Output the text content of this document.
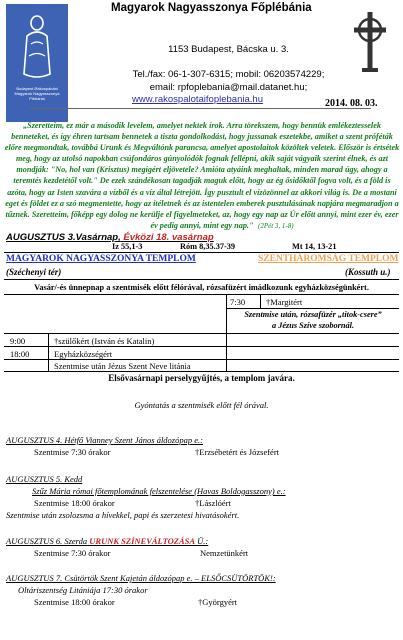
Budapest-Rákospalotai Magyarok Nagyasszonya Plébánia
Magyarok Nagyasszonya Főplébánia
1153 Budapest, Bácska u. 3.
Tel./fax: 06-1-307-6315; mobil: 06203574229;
email: rpfoplebania@mail.datanet.hu;
www.rakospalotaifoplebania.hu	2014. 08. 03.
„Szeretteim, ez már a második levelem, amelyet nektek írok. Arra törekszem, hogy bennük emlékeztesselek benneteket, és így éhren tartsam bennetek a tiszta gondolkodást, hogy jussanak eszetekbe, amiket a szent próféták előre megmondtak, továbbá Urunk és Megváltónk parancsa, amelyet apostolaitok közöltek veletek. Először is értsétek meg, hogy az utolsó napokban csúfondáros gúnyolódók fognak fellépni, akik saját vágyaik szerint élnek, és azt mondják: "No, hol van (Krisztus) megígért eljövetele? Amióta atyáink meghaltak, minden marad úgy, ahogy a teremtés kezdetétől volt." De ezek szándékosan tagadják maguk előtt, hogy az ég ősidőktől fogva volt, és a föld is azóta, hogy az Isten szavára a vízből és a víz által létrejött. Így pusztult el vízözönnel az akkori világ is. De a mostani eget és földet ez a szó megmentette, hogy az ítéletnek és az istentelen emberek pusztulásának napjára megmaradjon a tűznek. Szeretteim, főképp egy dolog ne kerülje el figyelmeteket, az, hogy egy nap az Úr előtt annyi, mint ezer év, ezer év pedig annyi, mint egy nap." (2Pét 3, 1-8)
AUGUSZTUS 3.Vasárnap, Évközi 18. vasárnap
Iz 55,1-3	Róm 8,35.37-39	Mt 14, 13-21
MAGYAROK NAGYASSZONYA TEMPLOM	SZENTHÁROMSÁG TEMPLOM
(Széchenyi tér)	(Kossuth u.)
Vasár/-és ünnepnap a szentmisék előtt félórával, rózsafüzért imádkozunk egyházközségünkért.
7:30 †Margitért
Szentmise után, rózsafüzér „titok-csere”
a Jézus Szíve szobornál.
9:00	†szülőkért (István és Katalin)
18:00	Egyházközségért
Szentmise után Jézus Szent Neve litánia
Elsővasárnapi perselygyűjtés, a templom javára.
Gyóntatás a szentmisék előtt fél órával.
AUGUSZTUS 4. Hétfő Vianney Szent János áldozópap e.:
Szentmise 7:30 órakor	†Erzsébetért és Józsefért
AUGUSZTUS 5. Kedd
Szűz Mária római főtemplomának felszentelése (Havas Boldogasszony) e.:
Szentmise 18:00 órakor	†Lászlóért
Szentmise után zsolozsma a hívekkel, papi és szerzetesi hivatásokért.
AUGUSZTUS 6. Szerda URUNK SZÍNEVÁLTOZÁSA Ü.:
Szentmise 7:30 órakor	Nemzetünkért
AUGUSZTUS 7. Csütörtök Szent Kajetán áldozópap e. – ELSŐCSÜTÖRTÖK!:
Oltáriszentség Litániája 17:30 órakor
Szentmise 18:00 órakor	†Györgyért
